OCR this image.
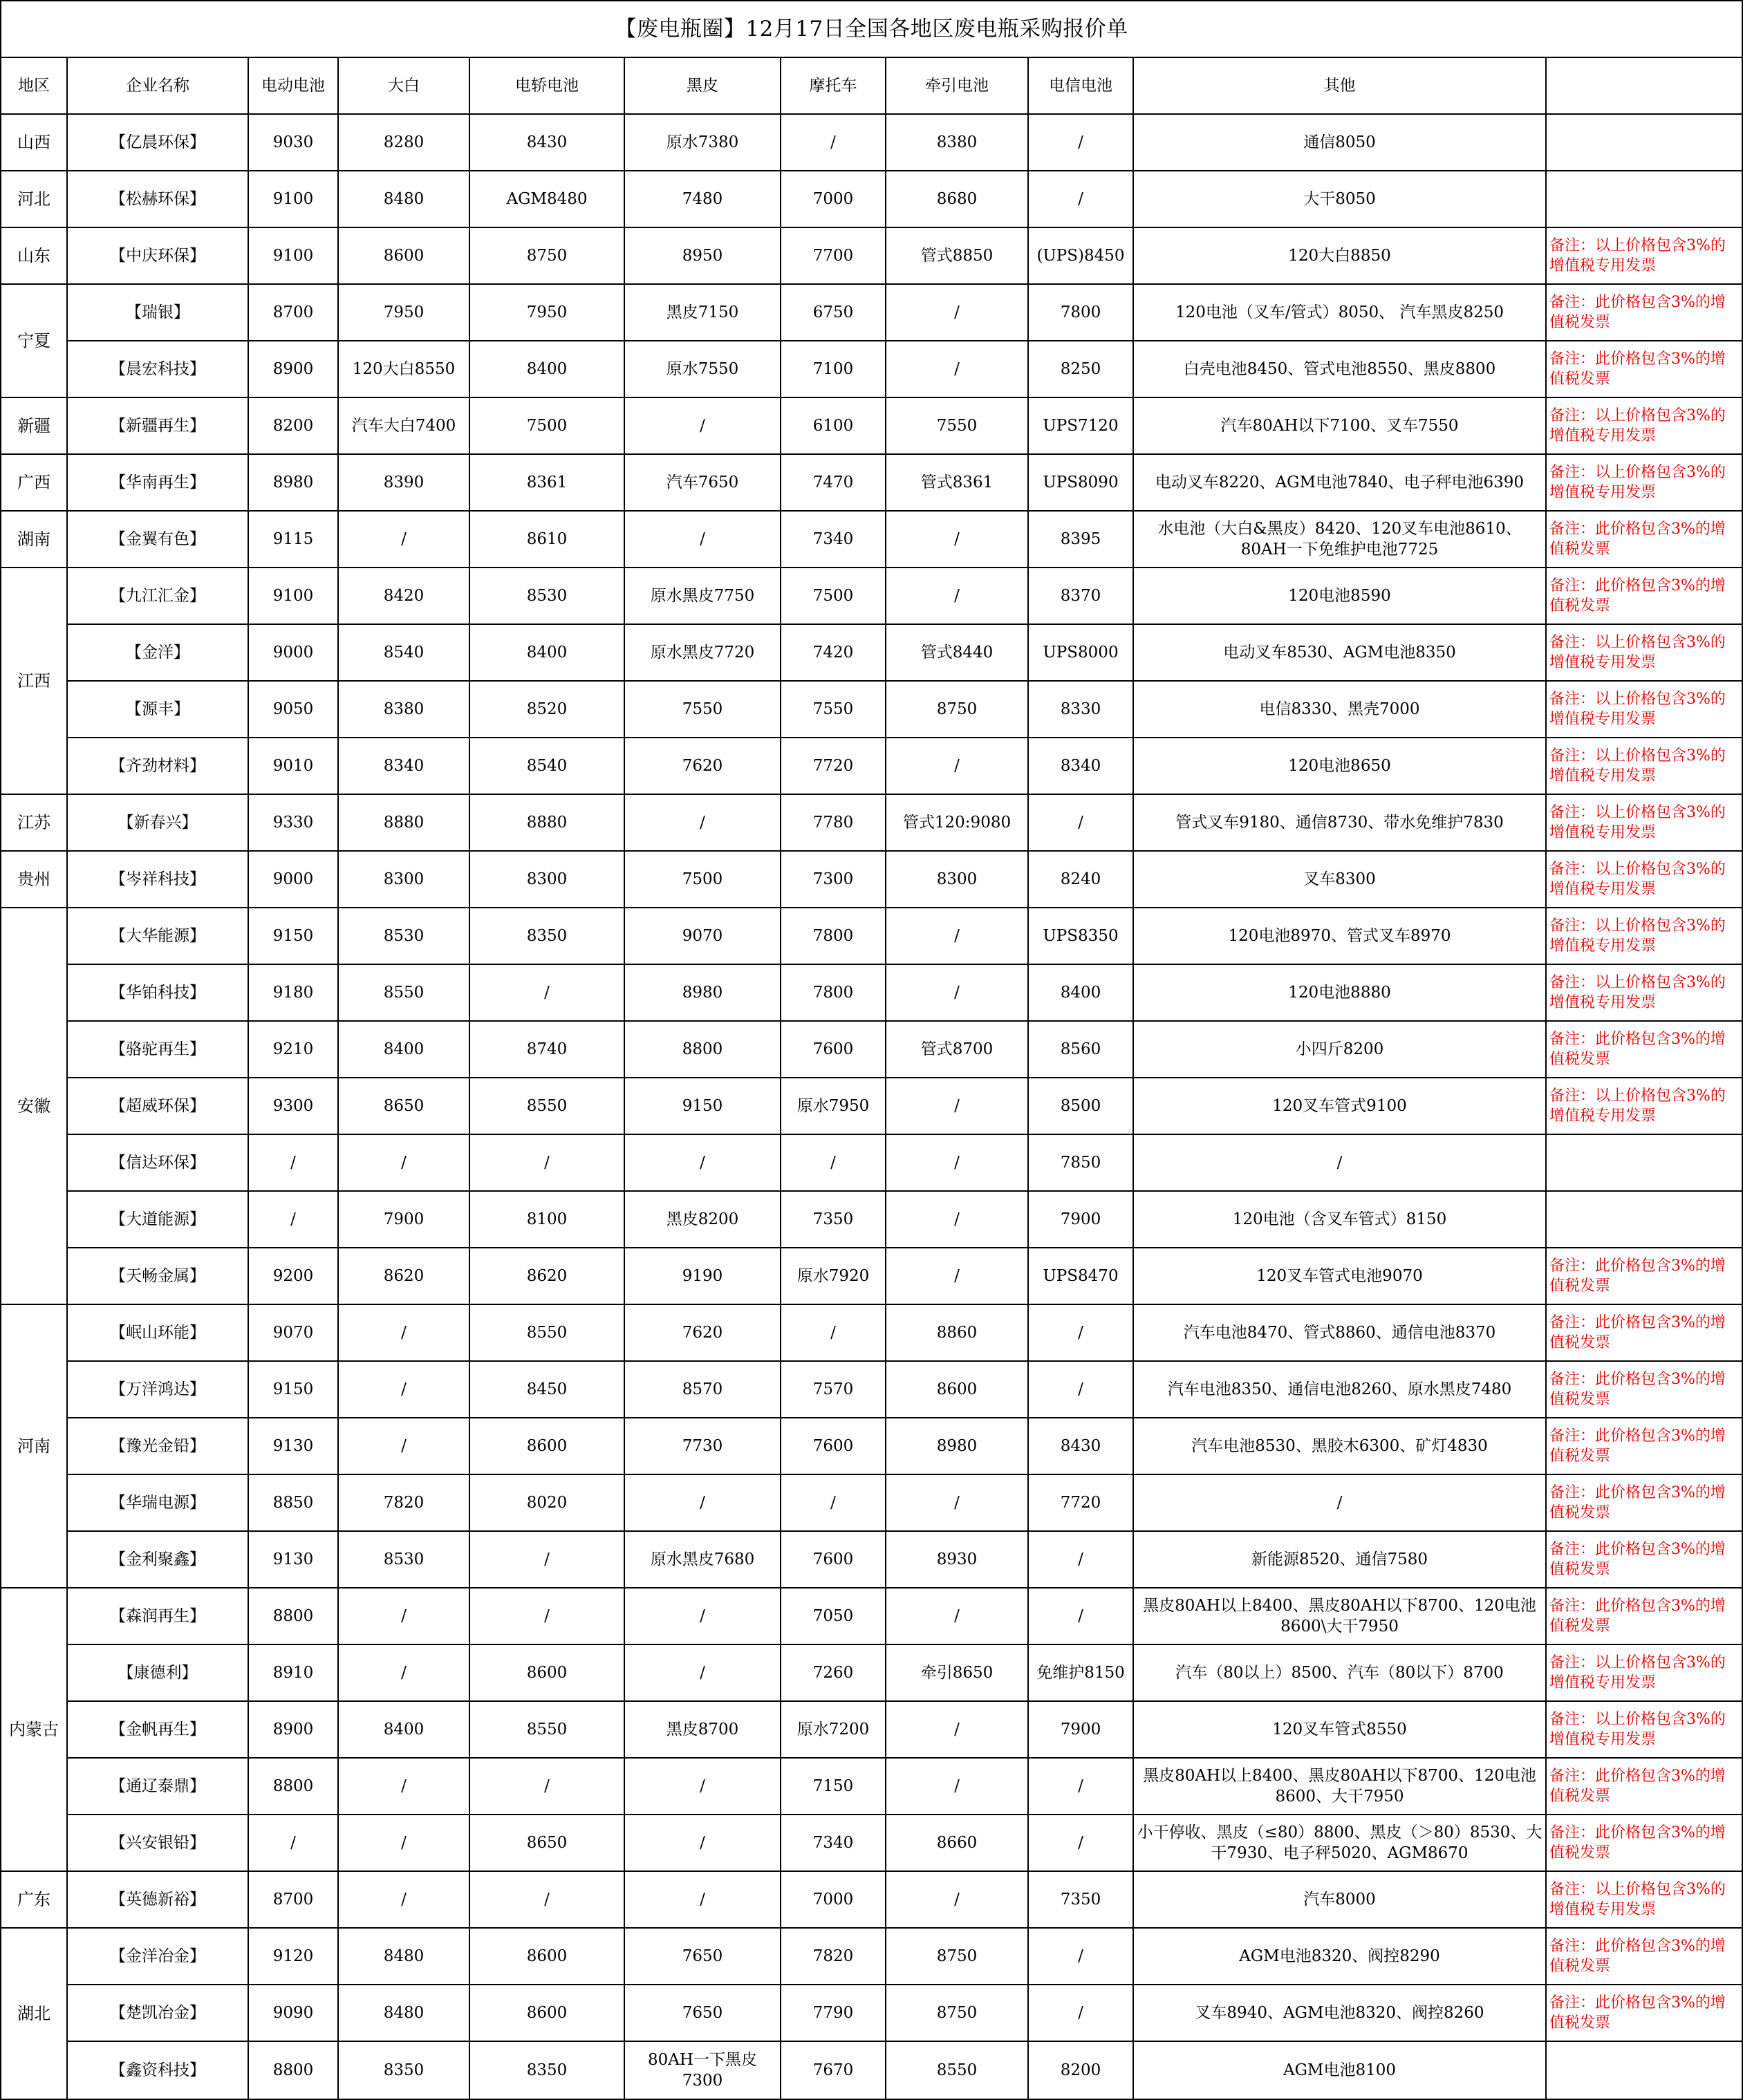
【废电瓶圈】12月17日全国各地区废电瓶采购报价单										
地区	企业名称	电动电池	大白	电轿电池	黑皮	摩托车	牵引电池	电信电池	其他	
山西	【亿晨环保】	9030	8280	8430	原水7380	/	8380	/	通信8050	
河北	【松赫环保】	9100	8480	AGM8480	7480	7000	8680	/	大干8050	
山东	【中庆环保】	9100	8600	8750	8950	7700	管式8850	(UPS)8450	120大白8850	备注：以上价格包含3%的增值税专用发票
宁夏	【瑞银】	8700	7950	7950	黑皮7150	6750	/	7800	120电池（叉车/管式）8050、 汽车黑皮8250	备注：此价格包含3%的增值税发票
	【晨宏科技】	8900	120大白8550	8400	原水7550	7100	/	8250	白壳电池8450、管式电池8550、黑皮8800	备注：此价格包含3%的增值税发票
新疆	【新疆再生】	8200	汽车大白7400	7500	/	6100	7550	UPS7120	汽车80AH以下7100、叉车7550	备注：以上价格包含3%的增值税专用发票
广西	【华南再生】	8980	8390	8361	汽车7650	7470	管式8361	UPS8090	电动叉车8220、AGM电池7840、电子秤电池6390	备注：以上价格包含3%的增值税专用发票
湖南	【金翼有色】	9115	/	8610	/	7340	/	8395	水电池（大白&黑皮）8420、120叉车电池8610、80AH一下免维护电池7725	备注：此价格包含3%的增值税发票
江西	【九江汇金】	9100	8420	8530	原水黑皮7750	7500	/	8370	120电池8590	备注：此价格包含3%的增值税发票
	【金洋】	9000	8540	8400	原水黑皮7720	7420	管式8440	UPS8000	电动叉车8530、AGM电池8350	备注：以上价格包含3%的增值税专用发票
	【源丰】	9050	8380	8520	7550	7550	8750	8330	电信8330、黑壳7000	备注：以上价格包含3%的增值税专用发票
	【齐劲材料】	9010	8340	8540	7620	7720	/	8340	120电池8650	备注：以上价格包含3%的增值税专用发票
江苏	【新春兴】	9330	8880	8880	/	7780	管式120:9080	/	管式叉车9180、通信8730、带水免维护7830	备注：以上价格包含3%的增值税专用发票
贵州	【岑祥科技】	9000	8300	8300	7500	7300	8300	8240	叉车8300	备注：以上价格包含3%的增值税专用发票
安徽	【大华能源】	9150	8530	8350	9070	7800	/	UPS8350	120电池8970、管式叉车8970	备注：以上价格包含3%的增值税专用发票
	【华铂科技】	9180	8550	/	8980	7800	/	8400	120电池8880	备注：以上价格包含3%的增值税专用发票
	【骆驼再生】	9210	8400	8740	8800	7600	管式8700	8560	小四斤8200	备注：此价格包含3%的增值税发票
	【超威环保】	9300	8650	8550	9150	原水7950	/	8500	120叉车管式9100	备注：以上价格包含3%的增值税专用发票
	【信达环保】	/	/	/	/	/	/	7850	/	
	【大道能源】	/	7900	8100	黑皮8200	7350	/	7900	120电池（含叉车管式）8150	
	【天畅金属】	9200	8620	8620	9190	原水7920	/	UPS8470	120叉车管式电池9070	备注：此价格包含3%的增值税发票
河南	【岷山环能】	9070	/	8550	7620	/	8860	/	汽车电池8470、管式8860、通信电池8370	备注：此价格包含3%的增值税发票
	【万洋鸿达】	9150	/	8450	8570	7570	8600	/	汽车电池8350、通信电池8260、原水黑皮7480	备注：此价格包含3%的增值税发票
	【豫光金铅】	9130	/	8600	7730	7600	8980	8430	汽车电池8530、黑胶木6300、矿灯4830	备注：此价格包含3%的增值税发票
	【华瑞电源】	8850	7820	8020	/	/	/	7720	/	备注：此价格包含3%的增值税发票
	【金利聚鑫】	9130	8530	/	原水黑皮7680	7600	8930	/	新能源8520、通信7580	备注：此价格包含3%的增值税发票
内蒙古	【森润再生】	8800	/	/	/	7050	/	/	黑皮80AH以上8400、黑皮80AH以下8700、120电池8600\大干7950	备注：此价格包含3%的增值税发票
	【康德利】	8910	/	8600	/	7260	牵引8650	免维护8150	汽车（80以上）8500、汽车（80以下）8700	备注：以上价格包含3%的增值税专用发票
	【金帆再生】	8900	8400	8550	黑皮8700	原水7200	/	7900	120叉车管式8550	备注：以上价格包含3%的增值税专用发票
	【通辽泰鼎】	8800	/	/	/	7150	/	/	黑皮80AH以上8400、黑皮80AH以下8700、120电池8600、大干7950	备注：此价格包含3%的增值税发票
	【兴安银铅】	/	/	8650	/	7340	8660	/	小干停收、黑皮（≤80）8800、黑皮（＞80）8530、大干7930、电子秤5020、AGM8670	备注：此价格包含3%的增值税发票
广东	【英德新裕】	8700	/	/	/	7000	/	7350	汽车8000	备注：以上价格包含3%的增值税专用发票
湖北	【金洋冶金】	9120	8480	8600	7650	7820	8750	/	AGM电池8320、阀控8290	备注：此价格包含3%的增值税发票
	【楚凯冶金】	9090	8480	8600	7650	7790	8750	/	叉车8940、AGM电池8320、阀控8260	备注：此价格包含3%的增值税发票
	【鑫资科技】	8800	8350	8350	80AH一下黑皮7300	7670	8550	8200	AGM电池8100	
